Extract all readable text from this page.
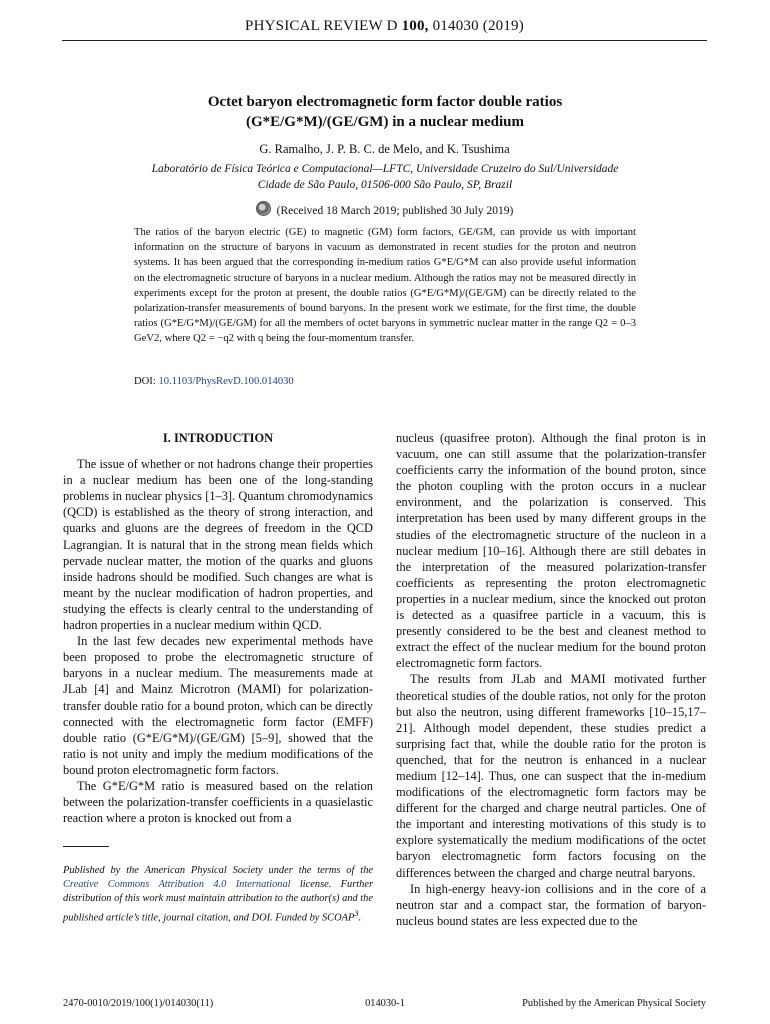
PHYSICAL REVIEW D 100, 014030 (2019)
Octet baryon electromagnetic form factor double ratios
(G*E/G*M)/(GE/GM) in a nuclear medium
G. Ramalho, J. P. B. C. de Melo, and K. Tsushima
Laboratório de Física Teórica e Computacional—LFTC, Universidade Cruzeiro do Sul/Universidade
Cidade de São Paulo, 01506-000 São Paulo, SP, Brazil
(Received 18 March 2019; published 30 July 2019)

The ratios of the baryon electric (GE) to magnetic (GM) form factors, GE/GM, can provide us with important information on the structure of baryons in vacuum as demonstrated in recent studies for the proton and neutron systems. It has been argued that the corresponding in-medium ratios G*E/G*M can also provide useful information on the electromagnetic structure of baryons in a nuclear medium. Although the ratios may not be measured directly in experiments except for the proton at present, the double ratios (G*E/G*M)/(GE/GM) can be directly related to the polarization-transfer measurements of bound baryons. In the present work we estimate, for the first time, the double ratios (G*E/G*M)/(GE/GM) for all the members of octet baryons in symmetric nuclear matter in the range Q2 = 0–3 GeV2, where Q2 = −q2 with q being the four-momentum transfer.

DOI: 10.1103/PhysRevD.100.014030
I. INTRODUCTION

The issue of whether or not hadrons change their properties in a nuclear medium has been one of the long-standing problems in nuclear physics [1–3]. Quantum chromodynamics (QCD) is established as the theory of strong interaction, and quarks and gluons are the degrees of freedom in the QCD Lagrangian. It is natural that in the strong mean fields which pervade nuclear matter, the motion of the quarks and gluons inside hadrons should be modified. Such changes are what is meant by the nuclear modification of hadron properties, and studying the effects is clearly central to the understanding of hadron properties in a nuclear medium within QCD.

In the last few decades new experimental methods have been proposed to probe the electromagnetic structure of baryons in a nuclear medium. The measurements made at JLab [4] and Mainz Microtron (MAMI) for polarization-transfer double ratio for a bound proton, which can be directly connected with the electromagnetic form factor (EMFF) double ratio (G*E/G*M)/(GE/GM) [5–9], showed that the ratio is not unity and imply the medium modifications of the bound proton electromagnetic form factors.

The G*E/G*M ratio is measured based on the relation between the polarization-transfer coefficients in a quasielastic reaction where a proton is knocked out from a

nucleus (quasifree proton). Although the final proton is in vacuum, one can still assume that the polarization-transfer coefficients carry the information of the bound proton, since the photon coupling with the proton occurs in a nuclear environment, and the polarization is conserved. This interpretation has been used by many different groups in the studies of the electromagnetic structure of the nucleon in a nuclear medium [10–16]. Although there are still debates in the interpretation of the measured polarization-transfer coefficients as representing the proton electromagnetic properties in a nuclear medium, since the knocked out proton is detected as a quasifree particle in a vacuum, this is presently considered to be the best and cleanest method to extract the effect of the nuclear medium for the bound proton electromagnetic form factors.

The results from JLab and MAMI motivated further theoretical studies of the double ratios, not only for the proton but also the neutron, using different frameworks [10–15,17–21]. Although model dependent, these studies predict a surprising fact that, while the double ratio for the proton is quenched, that for the neutron is enhanced in a nuclear medium [12–14]. Thus, one can suspect that the in-medium modifications of the electromagnetic form factors may be different for the charged and charge neutral particles. One of the important and interesting motivations of this study is to explore systematically the medium modifications of the octet baryon electromagnetic form factors focusing on the differences between the charged and charge neutral baryons.

In high-energy heavy-ion collisions and in the core of a neutron star and a compact star, the formation of baryon-nucleus bound states are less expected due to the

Published by the American Physical Society under the terms of the Creative Commons Attribution 4.0 International license. Further distribution of this work must maintain attribution to the author(s) and the published article’s title, journal citation, and DOI. Funded by SCOAP$^3$.
2470-0010/2019/100(1)/014030(11)	014030-1	Published by the American Physical Society
